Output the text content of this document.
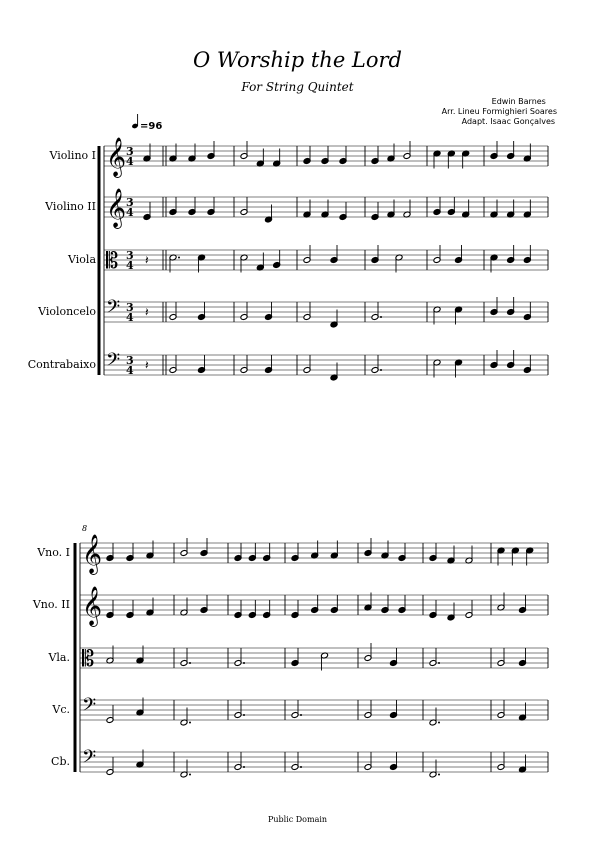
O Worship the Lord
For String Quintet
Edwin Barnes
Arr. Lineu Formighieri Soares
Adapt. Isaac Gonçalves
𝄞 3
4
Violino I
𝄞 3
4
Violino II
𝄡 3
4
Viola	𝄽
𝄢 3
4
Violoncelo	𝄽
𝄢 3
4
Contrabaixo	𝄽
𝄞
Vno. I
𝄞
Vno. II
𝄡
Vla.
𝄢
Vc.
𝄢
Cb.
=96
8
Public Domain
